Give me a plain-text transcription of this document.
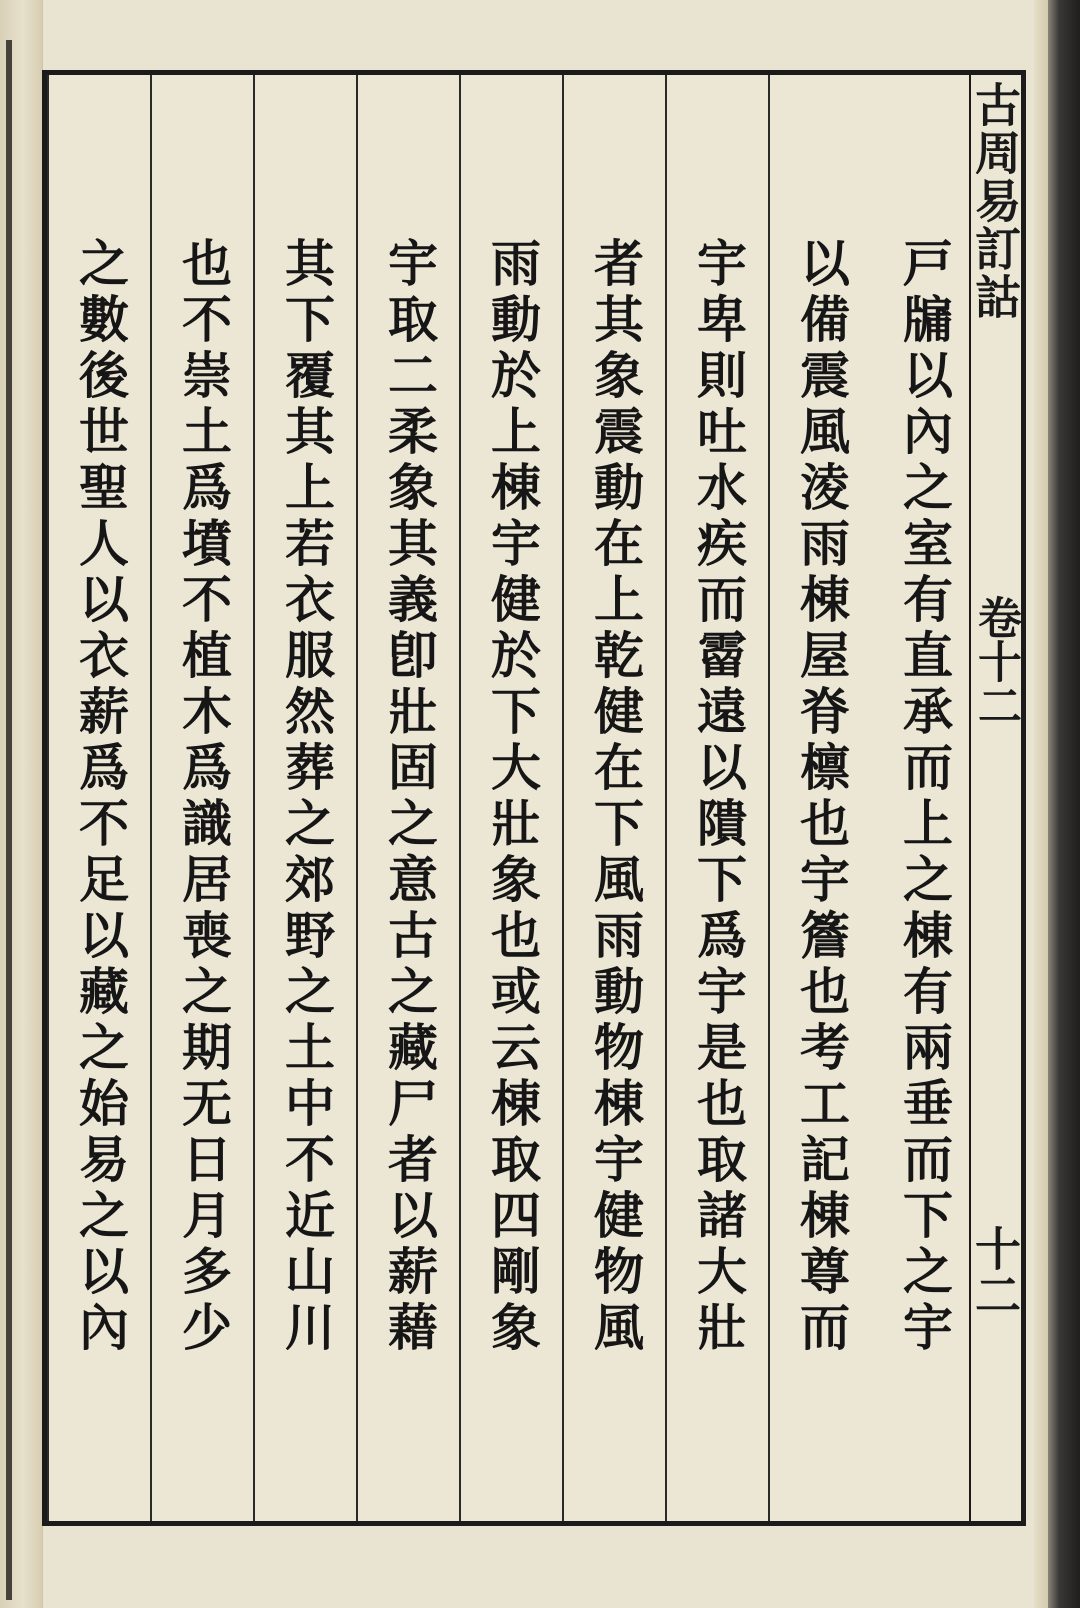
古周易訂詁
卷十二
十二
戸牖以內之室有直承而上之棟有兩垂而下之宇
以備震風淩雨棟屋脊檩也宇簷也考工記棟尊而
宇卑則吐水疾而霤遠以隤下爲宇是也取諸大壯
者其象震動在上乾健在下風雨動物棟宇健物風
雨動於上棟宇健於下大壯象也或云棟取四剛象
宇取二柔象其義卽壯固之意古之藏尸者以薪藉
其下覆其上若衣服然葬之郊野之土中不近山川
也不崇土爲墳不植木爲識居喪之期无日月多少
之數後世聖人以衣薪爲不足以藏之始易之以內
